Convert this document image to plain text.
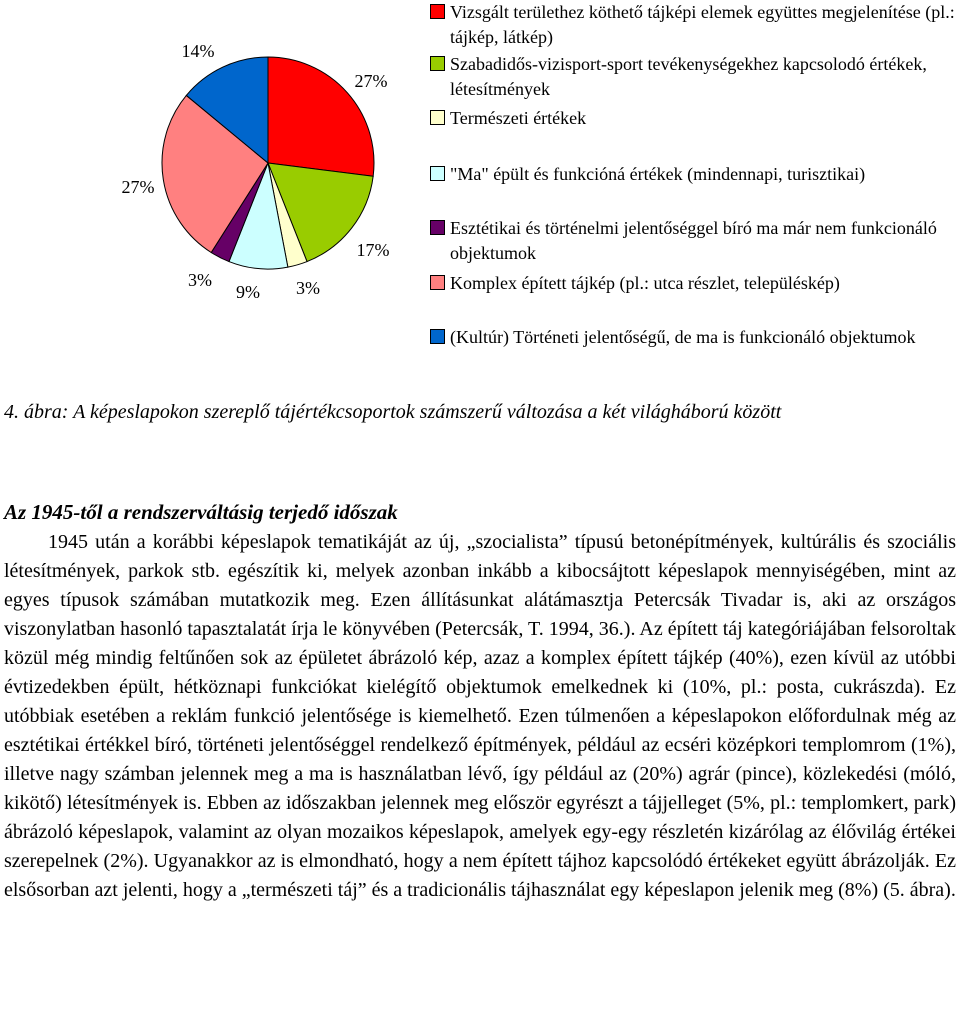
27%
17%
3%
9%
3%
27%
14%
Vizsgált területhez köthető tájképi elemek együttes megjelenítése (pl.: tájkép, látkép)
Szabadidős-vizisport-sport tevékenységekhez kapcsolodó értékek, létesítmények
Természeti értékek
"Ma" épült és funkcióná értékek (mindennapi, turisztikai)
Esztétikai és történelmi jelentőséggel bíró ma már nem funkcionáló objektumok
Komplex épített tájkép (pl.: utca részlet, településkép)
(Kultúr) Történeti jelentőségű, de ma is funkcionáló objektumok
4. ábra: A képeslapokon szereplő tájértékcsoportok számszerű változása a két világháború között
Az 1945-től a rendszerváltásig terjedő időszak

1945 után a korábbi képeslapok tematikáját az új, „szocialista” típusú betonépítmények, kultúrális és szociális létesítmények, parkok stb. egészítik ki, melyek azonban inkább a kibocsájtott képeslapok mennyiségében, mint az egyes típusok számában mutatkozik meg. Ezen állításunkat alátámasztja Petercsák Tivadar is, aki az országos viszonylatban hasonló tapasztalatát írja le könyvében (Petercsák, T. 1994, 36.). Az épített táj kategóriájában felsoroltak közül még mindig feltűnően sok az épületet ábrázoló kép, azaz a komplex épített tájkép (40%), ezen kívül az utóbbi évtizedekben épült, hétköznapi funkciókat kielégítő objektumok emelkednek ki (10%, pl.: posta, cukrászda). Ez utóbbiak esetében a reklám funkció jelentősége is kiemelhető. Ezen túlmenően a képeslapokon előfordulnak még az esztétikai értékkel bíró, történeti jelentőséggel rendelkező építmények, például az ecséri középkori templomrom (1%), illetve nagy számban jelennek meg a ma is használatban lévő, így például az (20%) agrár (pince), közlekedési (móló, kikötő) létesítmények is. Ebben az időszakban jelennek meg először egyrészt a tájjelleget (5%, pl.: templomkert, park) ábrázoló képeslapok, valamint az olyan mozaikos képeslapok, amelyek egy-egy részletén kizárólag az élővilág értékei szerepelnek (2%). Ugyanakkor az is elmondható, hogy a nem épített tájhoz kapcsolódó értékeket együtt ábrázolják. Ez elsősorban azt jelenti, hogy a „természeti táj” és a tradicionális tájhasználat egy képeslapon jelenik meg (8%) (5. ábra).
